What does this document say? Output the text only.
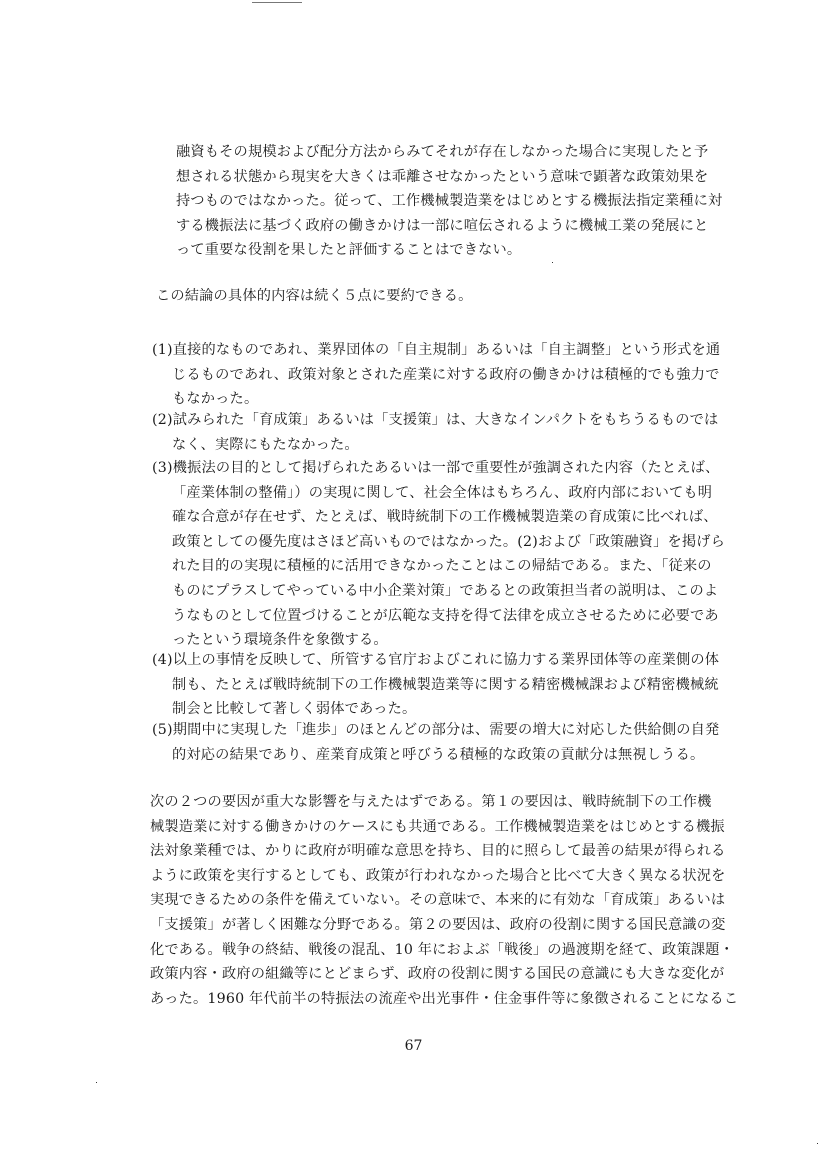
融資もその規模および配分方法からみてそれが存在しなかった場合に実現したと予
想される状態から現実を大きくは乖離させなかったという意味で顕著な政策効果を
持つものではなかった。従って、工作機械製造業をはじめとする機振法指定業種に対
する機振法に基づく政府の働きかけは一部に喧伝されるように機械工業の発展にと
って重要な役割を果したと評価することはできない。
この結論の具体的内容は続く５点に要約できる。
(1)直接的なものであれ、業界団体の「自主規制」あるいは「自主調整」という形式を通
じるものであれ、政策対象とされた産業に対する政府の働きかけは積極的でも強力で
もなかった。
(2)試みられた「育成策」あるいは「支援策」は、大きなインパクトをもちうるものでは
なく、実際にもたなかった。
(3)機振法の目的として掲げられたあるいは一部で重要性が強調された内容（たとえば、
「産業体制の整備」）の実現に関して、社会全体はもちろん、政府内部においても明
確な合意が存在せず、たとえば、戦時統制下の工作機械製造業の育成策に比べれば、
政策としての優先度はさほど高いものではなかった。(2)および「政策融資」を掲げら
れた目的の実現に積極的に活用できなかったことはこの帰結である。また、「従来の
ものにプラスしてやっている中小企業対策」であるとの政策担当者の説明は、このよ
うなものとして位置づけることが広範な支持を得て法律を成立させるために必要であ
ったという環境条件を象徴する。
(4)以上の事情を反映して、所管する官庁およびこれに協力する業界団体等の産業側の体
制も、たとえば戦時統制下の工作機械製造業等に関する精密機械課および精密機械統
制会と比較して著しく弱体であった。
(5)期間中に実現した「進歩」のほとんどの部分は、需要の増大に対応した供給側の自発
的対応の結果であり、産業育成策と呼びうる積極的な政策の貢献分は無視しうる。
次の２つの要因が重大な影響を与えたはずである。第１の要因は、戦時統制下の工作機
械製造業に対する働きかけのケースにも共通である。工作機械製造業をはじめとする機振
法対象業種では、かりに政府が明確な意思を持ち、目的に照らして最善の結果が得られる
ように政策を実行するとしても、政策が行われなかった場合と比べて大きく異なる状況を
実現できるための条件を備えていない。その意味で、本来的に有効な「育成策」あるいは
「支援策」が著しく困難な分野である。第２の要因は、政府の役割に関する国民意識の変
化である。戦争の終結、戦後の混乱、10 年におよぶ「戦後」の過渡期を経て、政策課題・
政策内容・政府の組織等にとどまらず、政府の役割に関する国民の意識にも大きな変化が
あった。1960 年代前半の特振法の流産や出光事件・住金事件等に象徴されることになるこ
67
